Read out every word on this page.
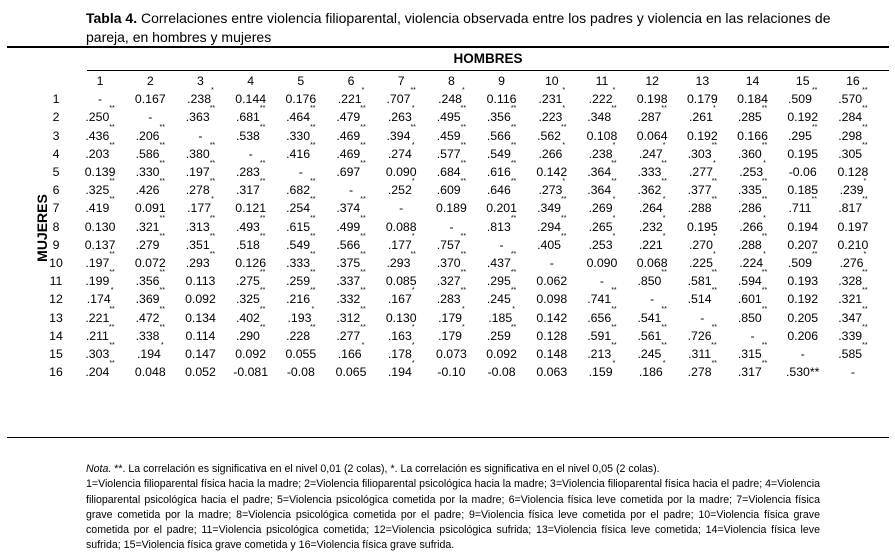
Tabla 4. Correlaciones entre violencia filioparental, violencia observada entre los padres y violencia en las relaciones de pareja, en hombres y mujeres
HOMBRES
MUJERES
	1	2	3	4	5	6	7	8	9	10	11	12	13	14	15	16
1	-	0.167	.238*	0.144	0.176	.221*	.707**	.248*	0.116	.231*	.222*	0.198	0.179	0.184	.509**	.570**
2	.250**	-	.363**	.681**	.464**	.479**	.263*	.495**	.356**	.223*	.348**	.287**	.261*	.285**	0.192	.284**
3	.436**	.206**	-	.538**	.330**	.469**	.394**	.459**	.566**	.562**	0.108	0.064	0.192	0.166	.295**	.298**
4	.203**	.586**	.380**	-	.416**	.469**	.274*	.577**	.549**	.266*	.238*	.247*	.303**	.360**	0.195	.305**
5	0.139	.330**	.197**	.283**	-	.697**	0.090	.684**	.616**	0.142	.364**	.333**	.277*	.253*	-0.06	0.128
6	.325**	.426**	.278**	.317**	.682**	-	.252*	.609**	.646**	.273*	.364**	.362**	.377**	.335**	0.185	.239*
7	.419**	0.091	.177*	0.121	.254**	.374**	-	0.189	0.201	.349**	.269*	.264*	.288**	.286**	.711**	.817**
8	0.130	.321**	.313**	.493**	.615**	.499**	0.088	-	.813**	.294**	.265*	.232*	0.195	.266*	0.194	0.197
9	0.137	.279**	.351**	.518**	.549**	.566**	.177*	.757**	-	.405**	.253*	.221*	.270*	.288**	0.207	0.210
10	.197**	0.072	.293**	0.126	.333**	.375**	.293**	.370**	.437**	-	0.090	0.068	.225*	.224*	.509**	.276*
11	.199**	.356**	0.113	.275**	.259**	.337**	0.085	.327**	.295**	0.062	-	.850**	.581**	.594**	0.193	.328**
12	.174*	.369**	0.092	.325**	.216**	.332**	.167*	.283**	.245**	0.098	.741**	-	.514**	.601**	0.192	.321**
13	.221**	.472**	0.134	.402**	.193*	.312**	0.130	.179*	.185*	0.142	.656**	.541**	-	.850**	0.205	.347**
14	.211**	.338**	0.114	.290**	.228**	.277**	.163*	.179*	.259**	0.128	.591**	.561**	.726**	-	0.206	.339**
15	.303**	.194*	0.147	0.092	0.055	.166*	.178*	0.073	0.092	0.148	.213**	.245**	.311**	.315**	-	.585**
16	.204**	0.048	0.052	-0.081	-0.08	0.065	.194*	-0.10	-0.08	0.063	.159*	.186*	.278**	.317**	.530**	-
Nota. **. La correlación es significativa en el nivel 0,01 (2 colas), *. La correlación es significativa en el nivel 0,05 (2 colas).
1=Violencia filioparental física hacia la madre; 2=Violencia filioparental psicológica hacia la madre; 3=Violencia filioparental física hacia el padre; 4=Violencia filioparental psicológica hacia el padre; 5=Violencia psicológica cometida por la madre; 6=Violencia física leve cometida por la madre; 7=Violencia física grave cometida por la madre; 8=Violencia psicológica cometida por el padre; 9=Violencia física leve cometida por el padre; 10=Violencia física grave cometida por el padre; 11=Violencia psicológica cometida; 12=Violencia psicológica sufrida; 13=Violencia física leve cometida; 14=Violencia física leve sufrida; 15=Violencia física grave cometida y 16=Violencia física grave sufrida.
